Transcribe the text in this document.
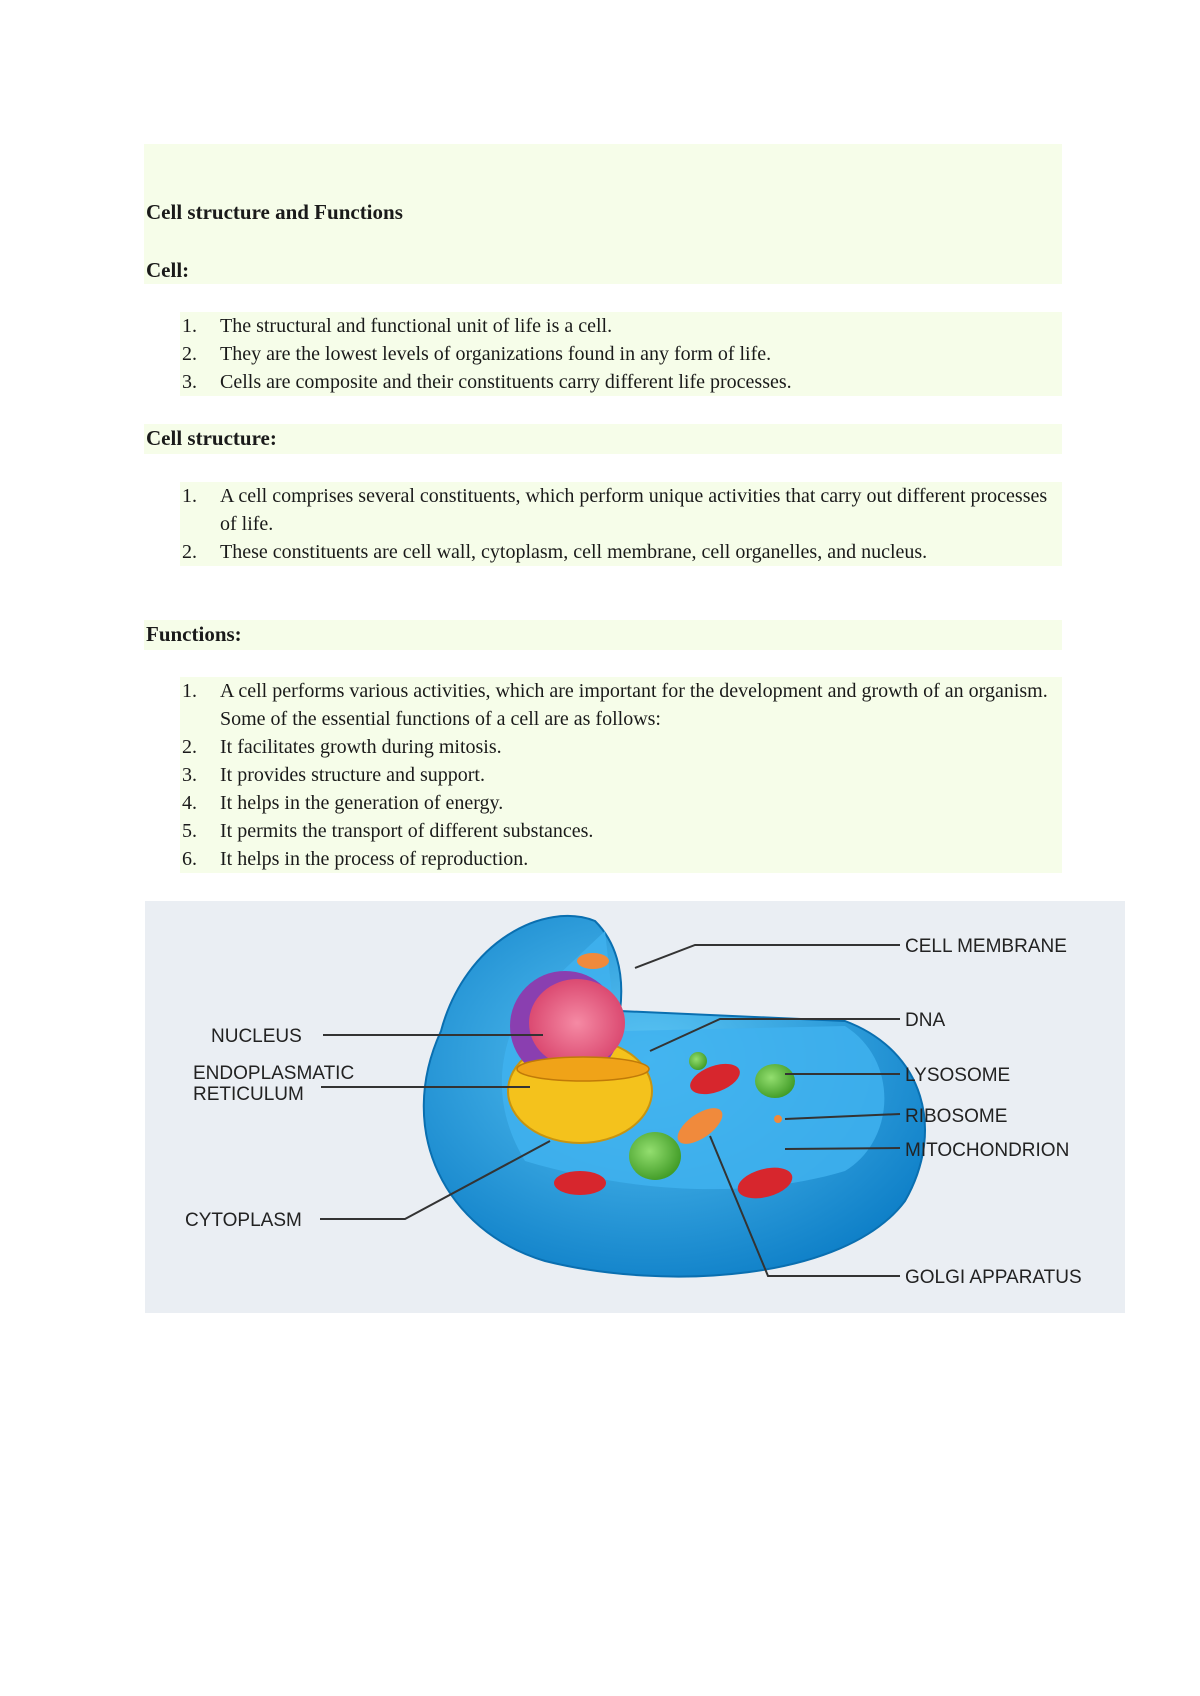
Cell structure and Functions
Cell:
1. The structural and functional unit of life is a cell.
2. They are the lowest levels of organizations found in any form of life.
3. Cells are composite and their constituents carry different life processes.
Cell structure:
1. A cell comprises several constituents, which perform unique activities that carry out different processes of life.
2. These constituents are cell wall, cytoplasm, cell membrane, cell organelles, and nucleus.
Functions:
1. A cell performs various activities, which are important for the development and growth of an organism. Some of the essential functions of a cell are as follows:
2. It facilitates growth during mitosis.
3. It provides structure and support.
4. It helps in the generation of energy.
5. It permits the transport of different substances.
6. It helps in the process of reproduction.
CELL MEMBRANE
DNA
LYSOSOME
RIBOSOME
MITOCHONDRION
GOLGI APPARATUS
NUCLEUS
ENDOPLASMATIC
RETICULUM
CYTOPLASM
